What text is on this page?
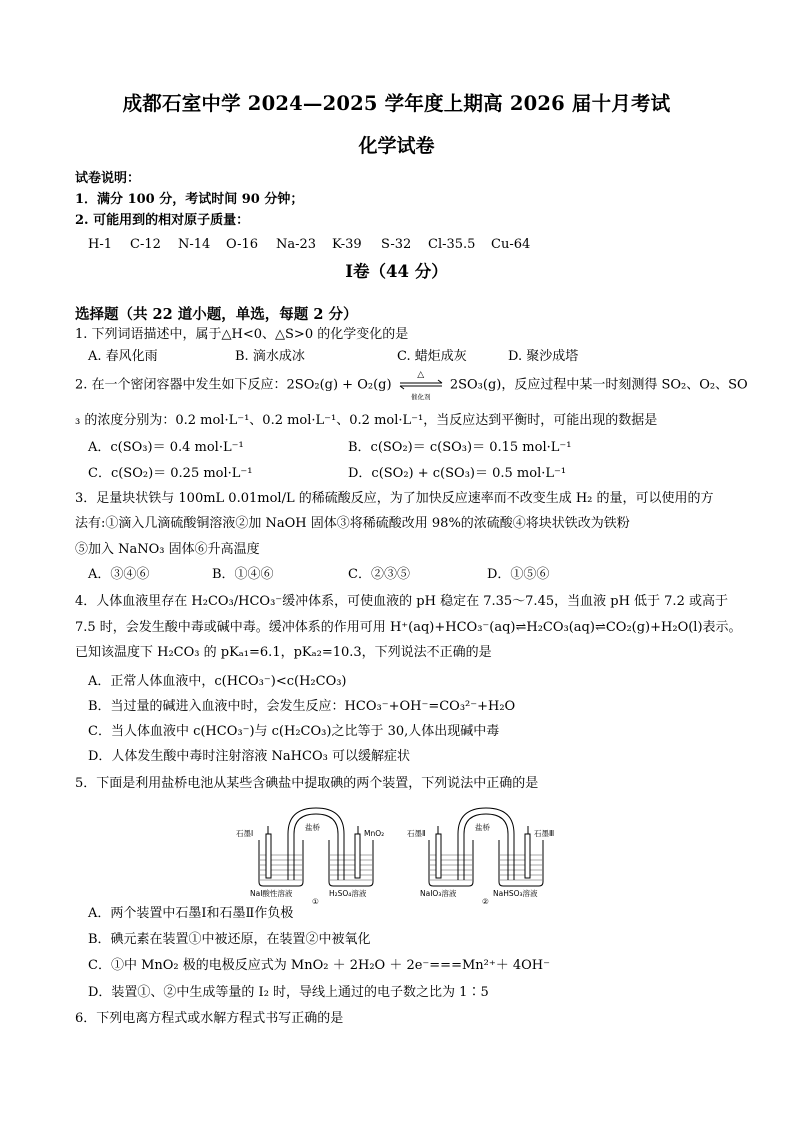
成都石室中学 2024—2025 学年度上期高 2026 届十月考试
化学试卷
试卷说明：
1．满分 100 分，考试时间 90 分钟；
2. 可能用到的相对原子质量：
H-1 C-12 N-14 O-16 Na-23 K-39 S-32 Cl-35.5 Cu-64
I卷（44 分）
选择题（共 22 道小题，单选，每题 2 分）
1. 下列词语描述中，属于△H<0、△S>0 的化学变化的是
A. 春风化雨	B. 滴水成冰	C. 蜡炬成灰	D. 聚沙成塔
2. 在一个密闭容器中发生如下反应：2SO₂(g) + O₂(g)
△
催化剂
2SO₃(g)，反应过程中某一时刻测得 SO₂、O₂、SO
₃ 的浓度分别为：0.2 mol·L⁻¹、0.2 mol·L⁻¹、0.2 mol·L⁻¹，当反应达到平衡时，可能出现的数据是
A．c(SO₃)＝ 0.4 mol·L⁻¹	B．c(SO₂)＝ c(SO₃)＝ 0.15 mol·L⁻¹
C．c(SO₂)＝ 0.25 mol·L⁻¹	D．c(SO₂) + c(SO₃)＝ 0.5 mol·L⁻¹
3．足量块状铁与 100mL 0.01mol/L 的稀硫酸反应，为了加快反应速率而不改变生成 H₂ 的量，可以使用的方
法有:①滴入几滴硫酸铜溶液②加 NaOH 固体③将稀硫酸改用 98%的浓硫酸④将块状铁改为铁粉
⑤加入 NaNO₃ 固体⑥升高温度
A．③④⑥	B．①④⑥	C．②③⑤	D．①⑤⑥
4．人体血液里存在 H₂CO₃/HCO₃⁻缓冲体系，可使血液的 pH 稳定在 7.35～7.45，当血液 pH 低于 7.2 或高于
7.5 时，会发生酸中毒或碱中毒。缓冲体系的作用可用 H⁺(aq)+HCO₃⁻(aq)⇌H₂CO₃(aq)⇌CO₂(g)+H₂O(l)表示。
已知该温度下 H₂CO₃ 的 pKₐ₁=6.1，pKₐ₂=10.3，下列说法不正确的是
A．正常人体血液中，c(HCO₃⁻)<c(H₂CO₃)
B．当过量的碱进入血液中时，会发生反应：HCO₃⁻+OH⁻=CO₃²⁻+H₂O
C．当人体血液中 c(HCO₃⁻)与 c(H₂CO₃)之比等于 30,人体出现碱中毒
D．人体发生酸中毒时注射溶液 NaHCO₃ 可以缓解症状
5．下面是利用盐桥电池从某些含碘盐中提取碘的两个装置，下列说法中正确的是
石墨Ⅰ
盐桥
MnO₂
NaI酸性溶液	H₂SO₄溶液
①
石墨Ⅱ
盐桥
石墨Ⅲ
NaIO₃溶液	NaHSO₃溶液
②
A．两个装置中石墨Ⅰ和石墨Ⅱ作负极
B．碘元素在装置①中被还原，在装置②中被氧化
C．①中 MnO₂ 极的电极反应式为 MnO₂ ＋ 2H₂O ＋ 2e⁻===Mn²⁺＋ 4OH⁻
D．装置①、②中生成等量的 I₂ 时，导线上通过的电子数之比为 1∶5
6．下列电离方程式或水解方程式书写正确的是
